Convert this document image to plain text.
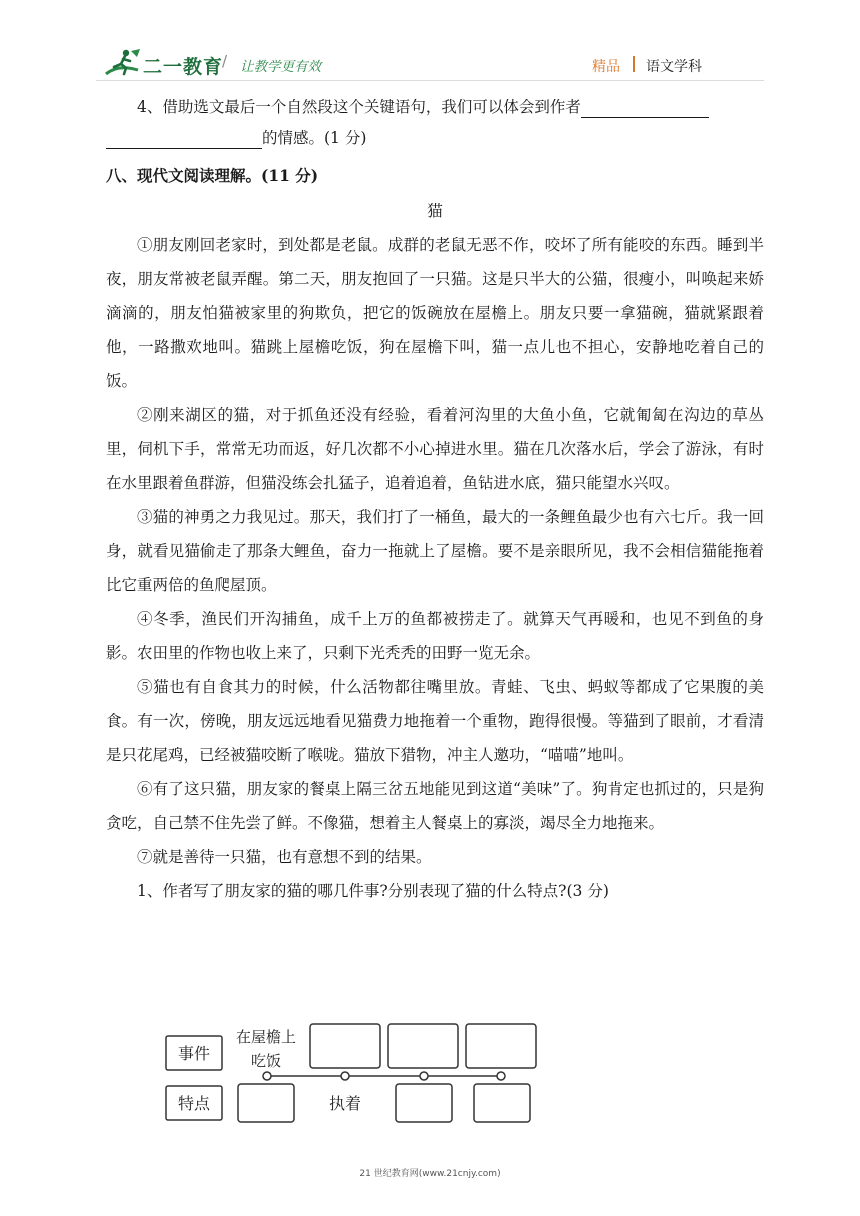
二一教育
/ 让教学更有效	精品 语文学科
4、借助选文最后一个自然段这个关键语句，我们可以体会到作者
的情感。(1 分)
八、现代文阅读理解。(11 分)
猫

①朋友刚回老家时，到处都是老鼠。成群的老鼠无恶不作，咬坏了所有能咬的东西。睡到半夜，朋友常被老鼠弄醒。第二天，朋友抱回了一只猫。这是只半大的公猫，很瘦小，叫唤起来娇滴滴的，朋友怕猫被家里的狗欺负，把它的饭碗放在屋檐上。朋友只要一拿猫碗，猫就紧跟着他，一路撒欢地叫。猫跳上屋檐吃饭，狗在屋檐下叫，猫一点儿也不担心，安静地吃着自己的饭。

②刚来湖区的猫，对于抓鱼还没有经验，看着河沟里的大鱼小鱼，它就匍匐在沟边的草丛里，伺机下手，常常无功而返，好几次都不小心掉进水里。猫在几次落水后，学会了游泳，有时在水里跟着鱼群游，但猫没练会扎猛子，追着追着，鱼钻进水底，猫只能望水兴叹。

③猫的神勇之力我见过。那天，我们打了一桶鱼，最大的一条鲤鱼最少也有六七斤。我一回身，就看见猫偷走了那条大鲤鱼，奋力一拖就上了屋檐。要不是亲眼所见，我不会相信猫能拖着比它重两倍的鱼爬屋顶。

④冬季，渔民们开沟捕鱼，成千上万的鱼都被捞走了。就算天气再暖和，也见不到鱼的身影。农田里的作物也收上来了，只剩下光秃秃的田野一览无余。

⑤猫也有自食其力的时候，什么活物都往嘴里放。青蛙、飞虫、蚂蚁等都成了它果腹的美食。有一次，傍晚，朋友远远地看见猫费力地拖着一个重物，跑得很慢。等猫到了眼前，才看清是只花尾鸡，已经被猫咬断了喉咙。猫放下猎物，冲主人邀功，“喵喵”地叫。

⑥有了这只猫，朋友家的餐桌上隔三岔五地能见到这道“美味”了。狗肯定也抓过的，只是狗贪吃，自己禁不住先尝了鲜。不像猫，想着主人餐桌上的寡淡，竭尽全力地拖来。

⑦就是善待一只猫，也有意想不到的结果。

1、作者写了朋友家的猫的哪几件事?分别表现了猫的什么特点?(3 分)

事件
特点
在屋檐上
吃饭
执着
21 世纪教育网(www.21cnjy.com)
